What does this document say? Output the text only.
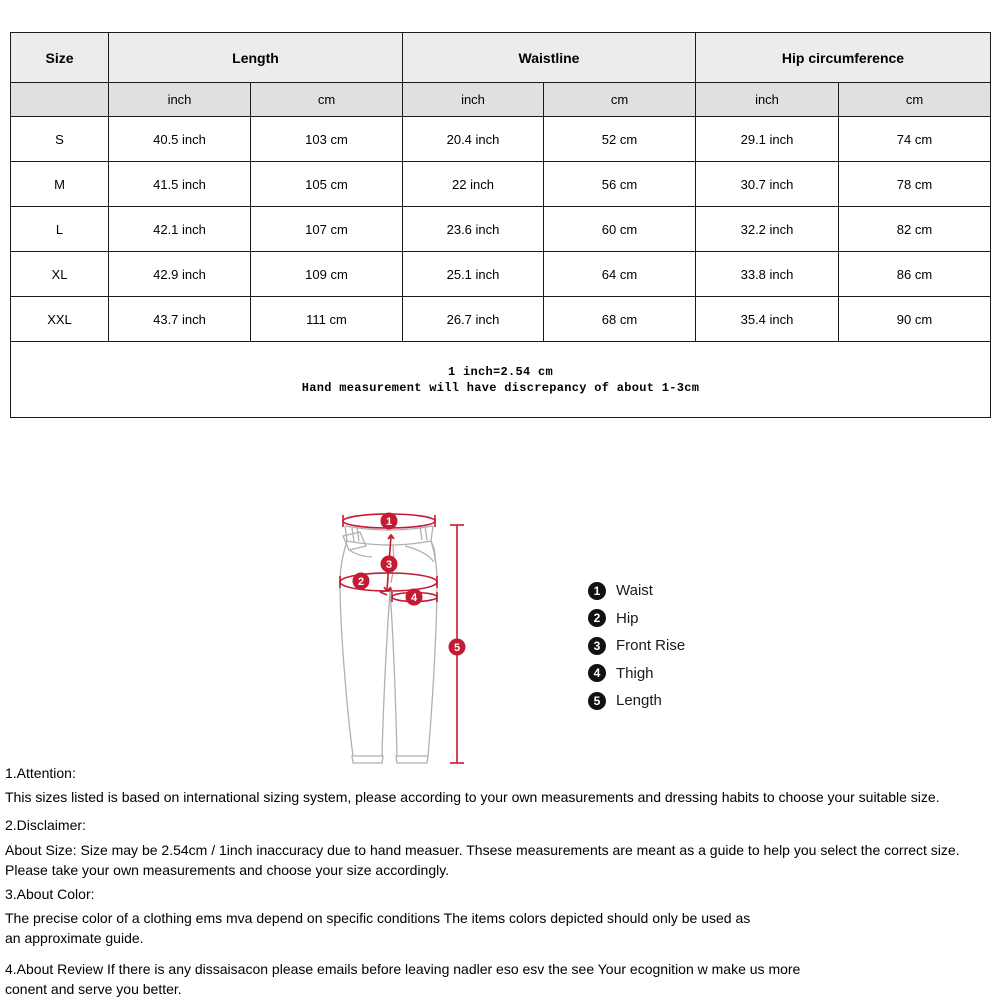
Size	Length		Waistline		Hip circumference	
	inch	cm	inch	cm	inch	cm
S	40.5 inch	103 cm	20.4 inch	52 cm	29.1 inch	74 cm
M	41.5 inch	105 cm	22 inch	56 cm	30.7 inch	78 cm
L	42.1 inch	107 cm	23.6 inch	60 cm	32.2 inch	82 cm
XL	42.9 inch	109 cm	25.1 inch	64 cm	33.8 inch	86 cm
XXL	43.7 inch	111 cm	26.7 inch	68 cm	35.4 inch	90 cm

1 inch=2.54 cm
Hand measurement will have discrepancy of about 1-3cm						
1
2
3
4
5
1	Waist
2	Hip
3	Front Rise
4	Thigh
5	Length
1.Attention:
This sizes listed is based on international sizing system, please according to your own measurements and dressing habits to choose your suitable size.
2.Disclaimer:
About Size: Size may be 2.54cm / 1inch inaccuracy due to hand measuer. Thsese measurements are meant as a guide to help you select the correct size.
Please take your own measurements and choose your size accordingly.
3.About Color:
The precise color of a clothing ems mva depend on specific conditions The items colors depicted should only be used as
an approximate guide.
4.About Review If there is any dissaisacon please emails before leaving nadler eso esv the see Your ecognition w make us more
conent and serve you better.
